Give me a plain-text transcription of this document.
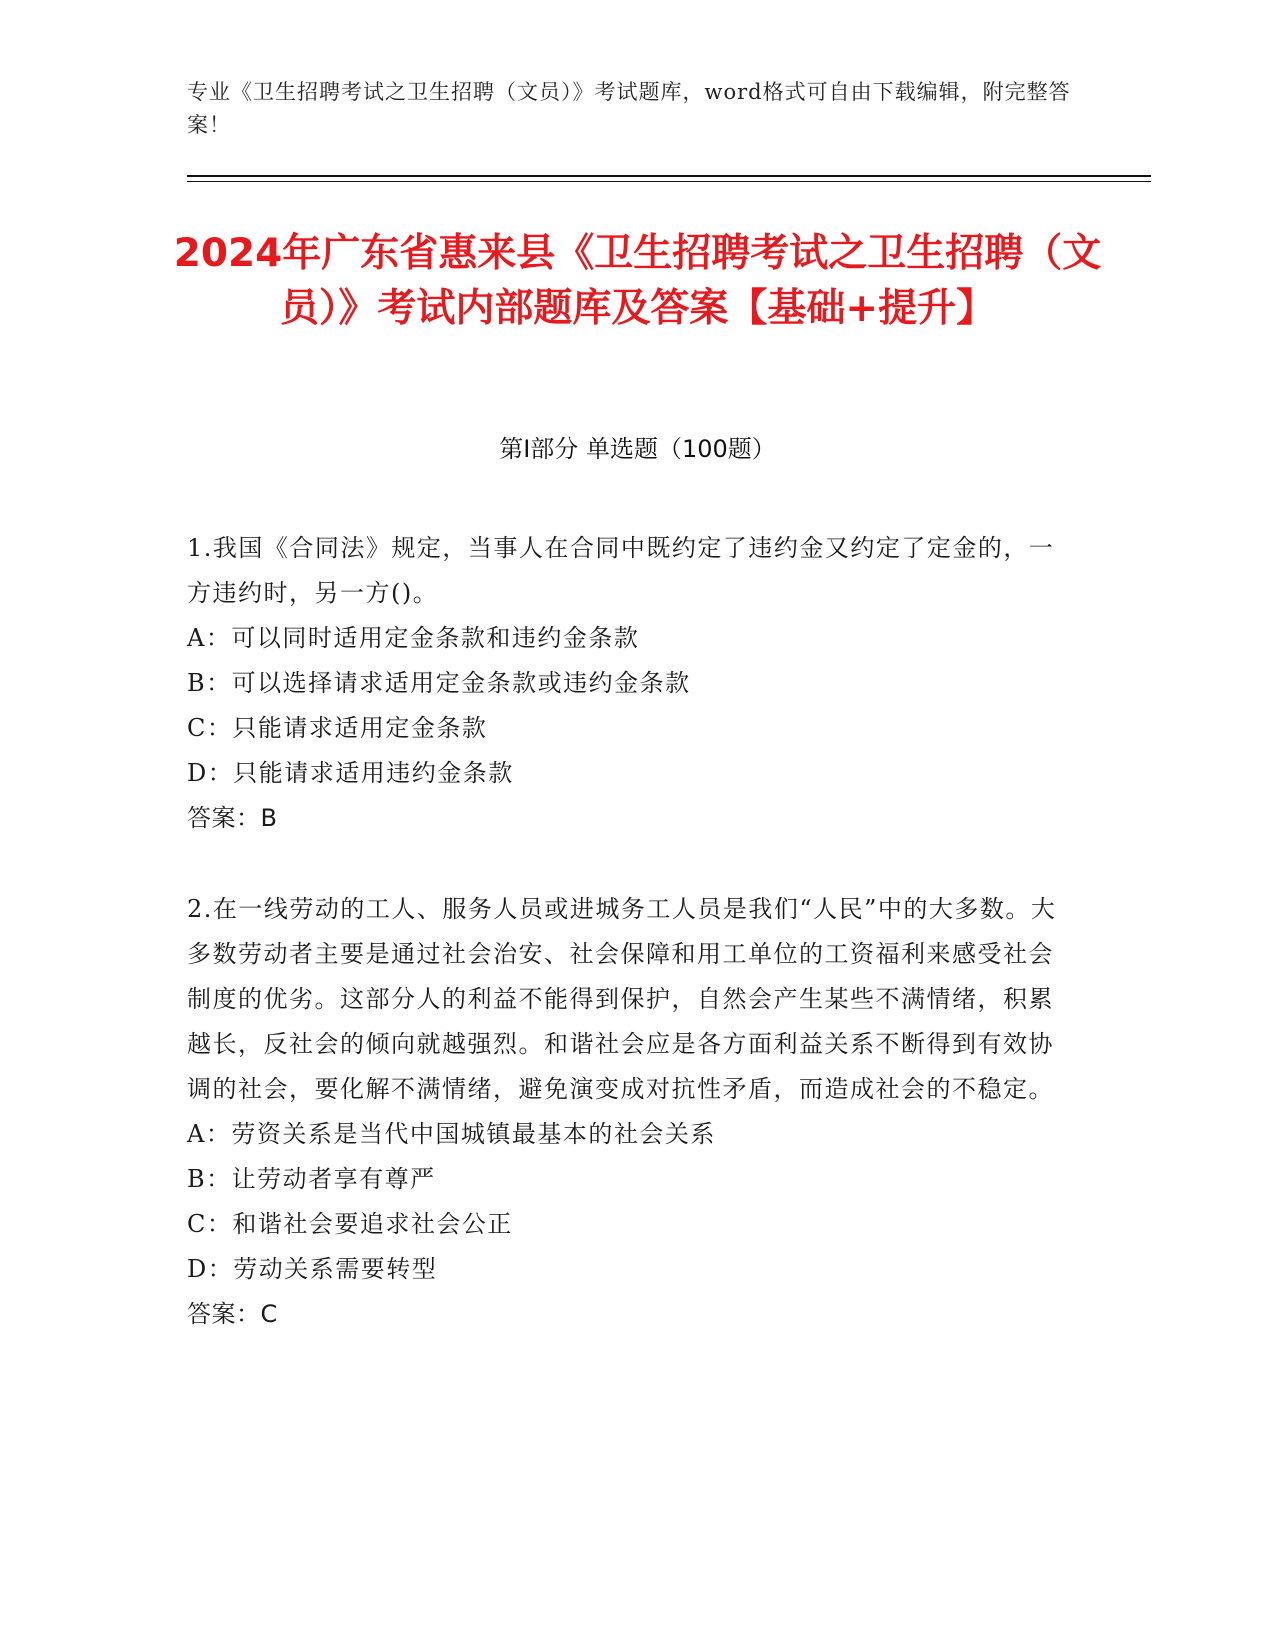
专业《卫生招聘考试之卫生招聘（文员）》考试题库，word格式可自由下载编辑，附完整答案！
2024年广东省惠来县《卫生招聘考试之卫生招聘（文员）》考试内部题库及答案【基础+提升】
第Ⅰ部分 单选题（100题）

1.我国《合同法》规定，当事人在合同中既约定了违约金又约定了定金的，一方违约时，另一方()。

A：可以同时适用定金条款和违约金条款

B：可以选择请求适用定金条款或违约金条款

C：只能请求适用定金条款

D：只能请求适用违约金条款

答案：B

2.在一线劳动的工人、服务人员或进城务工人员是我们“人民”中的大多数。大多数劳动者主要是通过社会治安、社会保障和用工单位的工资福利来感受社会制度的优劣。这部分人的利益不能得到保护，自然会产生某些不满情绪，积累越长，反社会的倾向就越强烈。和谐社会应是各方面利益关系不断得到有效协调的社会，要化解不满情绪，避免演变成对抗性矛盾，而造成社会的不稳定。

A：劳资关系是当代中国城镇最基本的社会关系

B：让劳动者享有尊严

C：和谐社会要追求社会公正

D：劳动关系需要转型

答案：C
